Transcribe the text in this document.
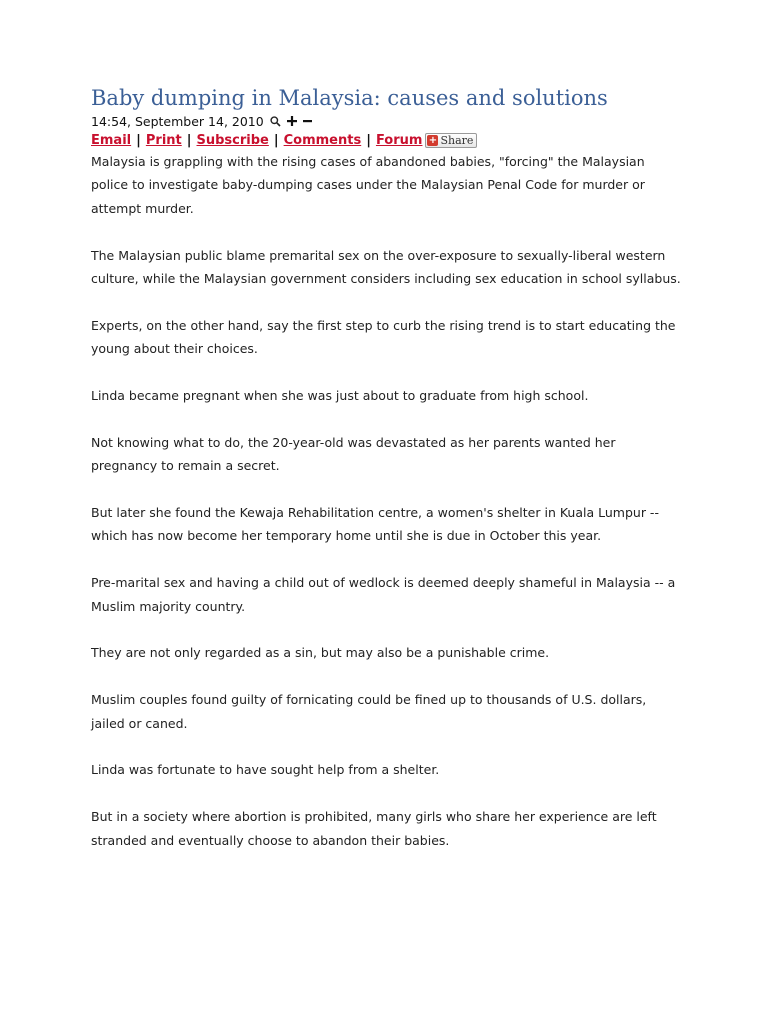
Baby dumping in Malaysia: causes and solutions
14:54, September 14, 2010
Email | Print | Subscribe | Comments | Forum + Share

Malaysia is grappling with the rising cases of abandoned babies, "forcing" the Malaysian police to investigate baby-dumping cases under the Malaysian Penal Code for murder or attempt murder.

The Malaysian public blame premarital sex on the over-exposure to sexually-liberal western culture, while the Malaysian government considers including sex education in school syllabus.

Experts, on the other hand, say the first step to curb the rising trend is to start educating the young about their choices.

Linda became pregnant when she was just about to graduate from high school.

Not knowing what to do, the 20-year-old was devastated as her parents wanted her pregnancy to remain a secret.

But later she found the Kewaja Rehabilitation centre, a women's shelter in Kuala Lumpur -- which has now become her temporary home until she is due in October this year.

Pre-marital sex and having a child out of wedlock is deemed deeply shameful in Malaysia -- a Muslim majority country.

They are not only regarded as a sin, but may also be a punishable crime.

Muslim couples found guilty of fornicating could be fined up to thousands of U.S. dollars, jailed or caned.

Linda was fortunate to have sought help from a shelter.

But in a society where abortion is prohibited, many girls who share her experience are left stranded and eventually choose to abandon their babies.
